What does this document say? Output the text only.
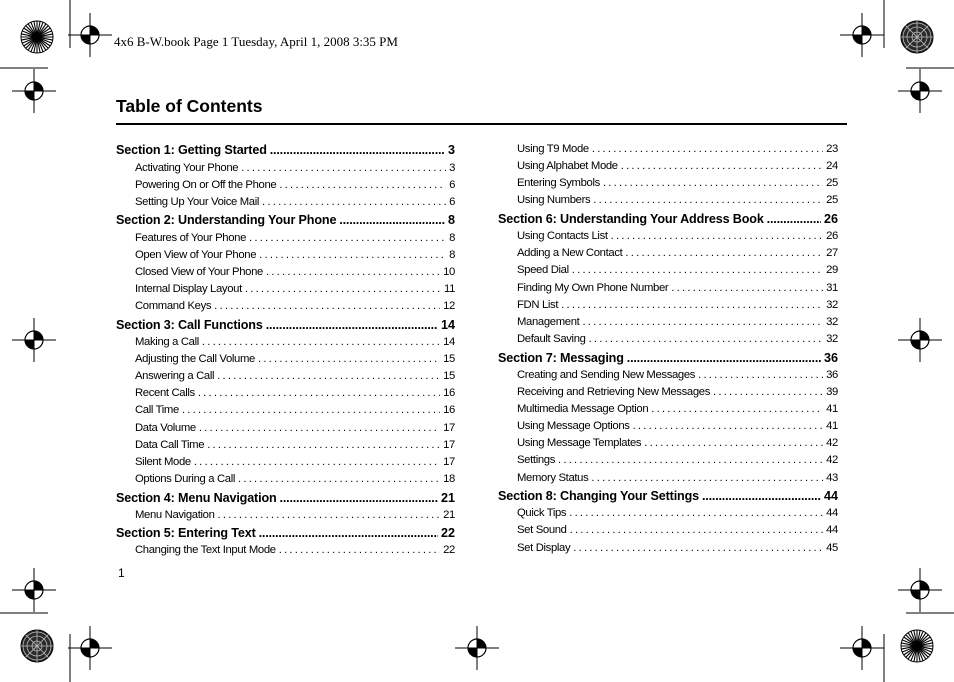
4x6 B-W.book Page 1 Tuesday, April 1, 2008 3:35 PM
Table of Contents
Section 1: Getting Started .....	3
Activating Your Phone .....	3
Powering On or Off the Phone .....	6
Setting Up Your Voice Mail .....	6
Section 2: Understanding Your Phone .....	8
Features of Your Phone .....	8
Open View of Your Phone .....	8
Closed View of Your Phone .....	10
Internal Display Layout .....	11
Command Keys .....	12
Section 3: Call Functions .....	14
Making a Call .....	14
Adjusting the Call Volume .....	15
Answering a Call .....	15
Recent Calls .....	16
Call Time .....	16
Data Volume .....	17
Data Call Time .....	17
Silent Mode .....	17
Options During a Call .....	18
Section 4: Menu Navigation .....	21
Menu Navigation .....	21
Section 5: Entering Text .....	22
Changing the Text Input Mode .....	22
Using T9 Mode .....	23
Using Alphabet Mode .....	24
Entering Symbols .....	25
Using Numbers .....	25
Section 6: Understanding Your Address Book .....	26
Using Contacts List .....	26
Adding a New Contact .....	27
Speed Dial .....	29
Finding My Own Phone Number .....	31
FDN List .....	32
Management .....	32
Default Saving .....	32
Section 7: Messaging .....	36
Creating and Sending New Messages .....	36
Receiving and Retrieving New Messages .....	39
Multimedia Message Option .....	41
Using Message Options .....	41
Using Message Templates .....	42
Settings .....	42
Memory Status .....	43
Section 8: Changing Your Settings .....	44
Quick Tips .....	44
Set Sound .....	44
Set Display .....	45
1
